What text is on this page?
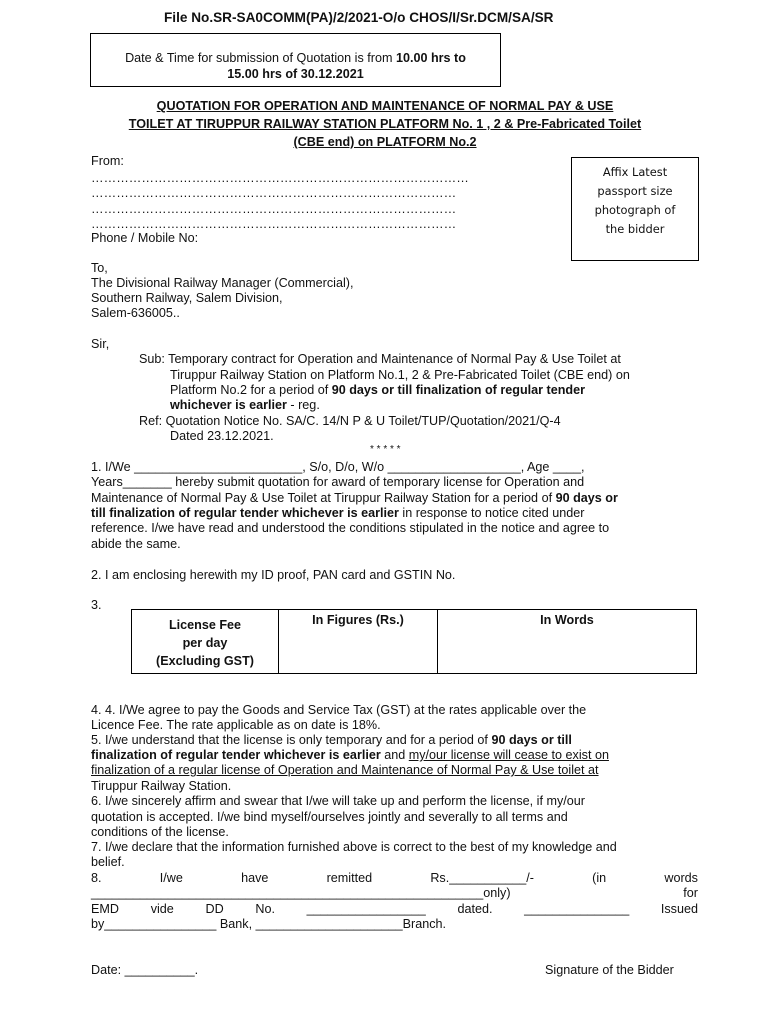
File No.SR-SA0COMM(PA)/2/2021-O/o CHOS/I/Sr.DCM/SA/SR
Date & Time for submission of Quotation is from 10.00 hrs to
15.00 hrs of 30.12.2021
QUOTATION FOR OPERATION AND MAINTENANCE OF NORMAL PAY & USE
TOILET AT TIRUPPUR RAILWAY STATION PLATFORM No. 1 , 2 & Pre-Fabricated Toilet
(CBE end) on PLATFORM No.2
From:
………………………………………………………………………………
……………………………………………………………………………
……………………………………………………………………………
……………………………………………………………………………
Phone / Mobile No:
Affix Latest
passport size
photograph of
the bidder
To,
The Divisional Railway Manager (Commercial),
Southern Railway, Salem Division,
Salem-636005..
Sir,
Sub: Temporary contract for Operation and Maintenance of Normal Pay & Use Toilet at
Tiruppur Railway Station on Platform No.1, 2 & Pre-Fabricated Toilet (CBE end) on
Platform No.2 for a period of 90 days or till finalization of regular tender
whichever is earlier - reg.
Ref: Quotation Notice No. SA/C. 14/N P & U Toilet/TUP/Quotation/2021/Q-4
Dated 23.12.2021.
* * * * *
1. I/We ________________________, S/o, D/o, W/o ___________________, Age ____,
Years_______ hereby submit quotation for award of temporary license for Operation and
Maintenance of Normal Pay & Use Toilet at Tiruppur Railway Station for a period of 90 days or
till finalization of regular tender whichever is earlier in response to notice cited under
reference. I/we have read and understood the conditions stipulated in the notice and agree to
abide the same.
2. I am enclosing herewith my ID proof, PAN card and GSTIN No.
3.
License Fee
per day
(Excluding GST)	In Figures (Rs.)	In Words
4. 4. I/We agree to pay the Goods and Service Tax (GST) at the rates applicable over the
Licence Fee. The rate applicable as on date is 18%.
5. I/we understand that the license is only temporary and for a period of 90 days or till
finalization of regular tender whichever is earlier and my/our license will cease to exist on
finalization of a regular license of Operation and Maintenance of Normal Pay & Use toilet at
Tiruppur Railway Station.
6. I/we sincerely affirm and swear that I/we will take up and perform the license, if my/our
quotation is accepted. I/we bind myself/ourselves jointly and severally to all terms and
conditions of the license.
7. I/we declare that the information furnished above is correct to the best of my knowledge and
belief.
8.	I/we	have	remitted	Rs.___________/-	(in	words
________________________________________________________only)	for
EMD	vide	DD	No.	_________________	dated.	_______________	Issued
by________________ Bank, _____________________Branch.
Date: __________.	Signature of the Bidder
